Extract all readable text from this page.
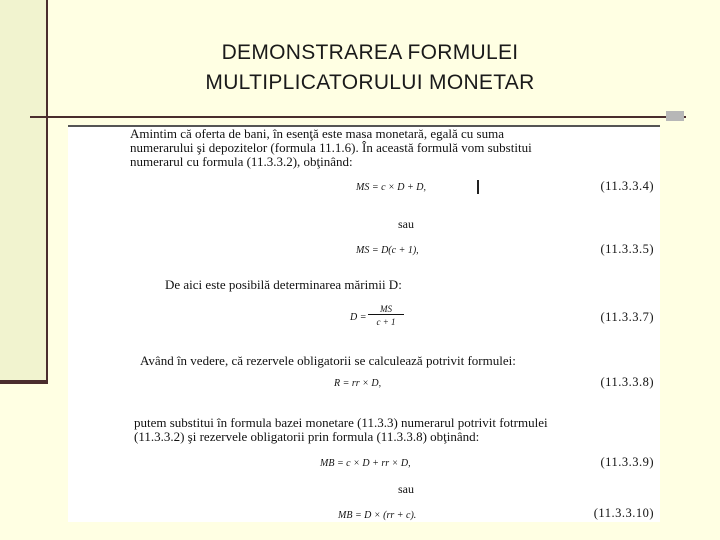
DEMONSTRAREA FORMULEI
MULTIPLICATORULUI MONETAR
Amintim că oferta de bani, în esenţă este masa monetară, egală cu suma
numerarului şi depozitelor (formula 11.1.6). În această formulă vom substitui
numerarul cu formula (11.3.3.2), obţinând:
MS = c × D + D,	(11.3.3.4)
sau
MS = D(c + 1),	(11.3.3.5)
De aici este posibilă determinarea mărimii D:
D =
MS
c + 1	(11.3.3.7)
Având în vedere, că rezervele obligatorii se calculează potrivit formulei:
R = rr × D,	(11.3.3.8)
putem substitui în formula bazei monetare (11.3.3) numerarul potrivit fotrmulei
(11.3.3.2) şi rezervele obligatorii prin formula (11.3.3.8) obţinând:
MB = c × D + rr × D,	(11.3.3.9)
sau
MB = D × (rr + c).	(11.3.3.10)
